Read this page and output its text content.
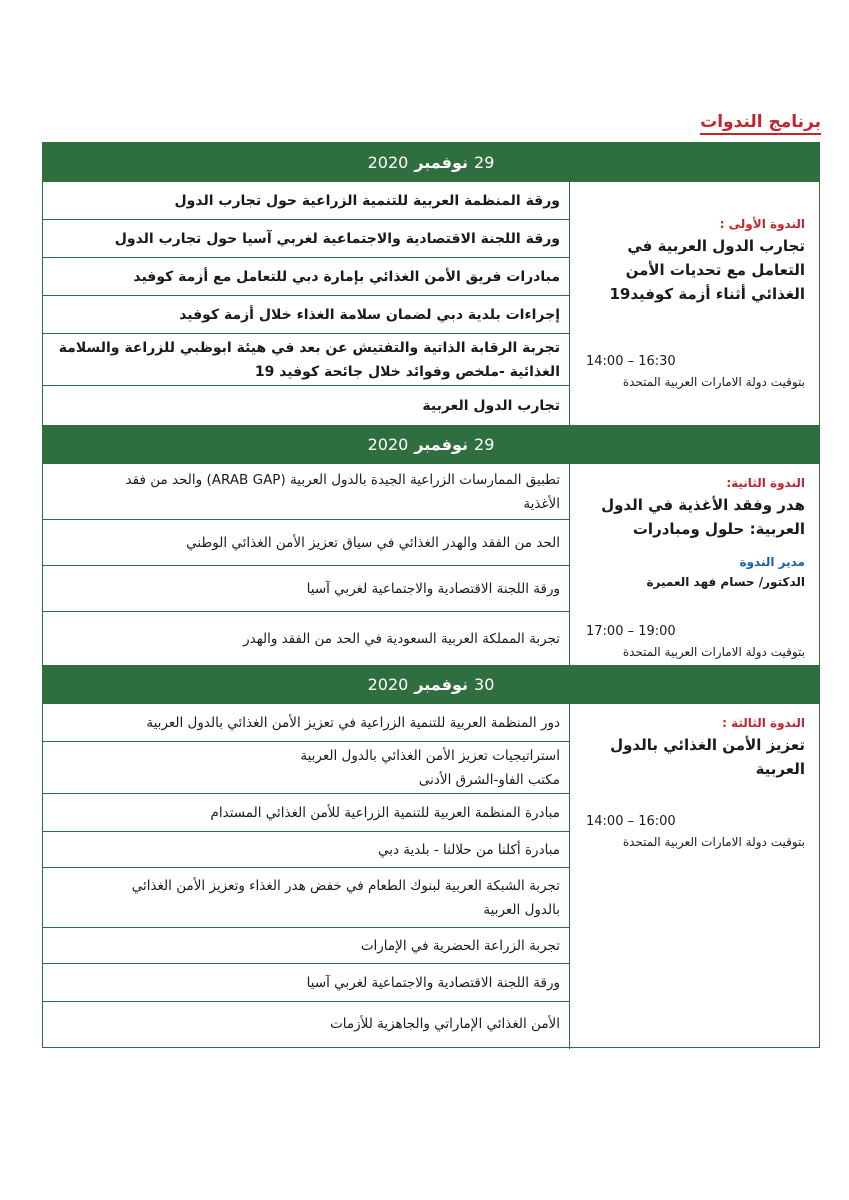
برنامج الندوات
29
نوفمبر
2020
الندوة الأولى :
تجارب الدول العربية في التعامل مع تحديات الأمن الغذائي أثناء أزمة كوفيد19
14:00 – 16:30
بتوقيت دولة الامارات العربية المتحدة
ورقة المنظمة العربية للتنمية الزراعية حول تجارب الدول
ورقة اللجنة الاقتصادية والاجتماعية لغربي آسيا حول تجارب الدول
مبادرات فريق الأمن الغذائي بإمارة دبي للتعامل مع أزمة كوفيد
إجراءات بلدية دبي لضمان سلامة الغذاء خلال أزمة كوفيد
تجربة الرقابة الذاتية والتفتيش عن بعد في هيئة ابوظبي للزراعة والسلامة
الغذائية -ملخص وفوائد خلال جائحة كوفيد 19
تجارب الدول العربية
29
نوفمبر
2020
الندوة الثانية:
هدر وفقد الأغذية في الدول العربية: حلول ومبادرات
مدير الندوة
الدكتور/ حسام فهد العميرة
17:00 – 19:00
بتوقيت دولة الامارات العربية المتحدة
تطبيق الممارسات الزراعية الجيدة بالدول العربية (ARAB GAP) والحد من فقد
الأغذية
الحد من الفقد والهدر الغذائي في سياق تعزيز الأمن الغذائي الوطني
ورقة اللجنة الاقتصادية والاجتماعية لغربي آسيا
تجربة المملكة العربية السعودية في الحد من الفقد والهدر
30
نوفمبر
2020
الندوة الثالثة :
تعزيز الأمن الغذائي بالدول العربية
14:00 – 16:00
بتوقيت دولة الامارات العربية المتحدة
دور المنظمة العربية للتنمية الزراعية في تعزيز الأمن الغذائي بالدول العربية
استراتيجيات تعزيز الأمن الغذائي بالدول العربية
مكتب الفاو-الشرق الأدنى
مبادرة المنظمة العربية للتنمية الزراعية للأمن الغذائي المستدام
مبادرة أكلنا من حلالنا - بلدية دبي
تجربة الشبكة العربية لبنوك الطعام في خفض هدر الغذاء وتعزيز الأمن الغذائي
بالدول العربية
تجربة الزراعة الحضرية في الإمارات
ورقة اللجنة الاقتصادية والاجتماعية لغربي آسيا
الأمن الغذائي الإماراتي والجاهزية للأزمات
